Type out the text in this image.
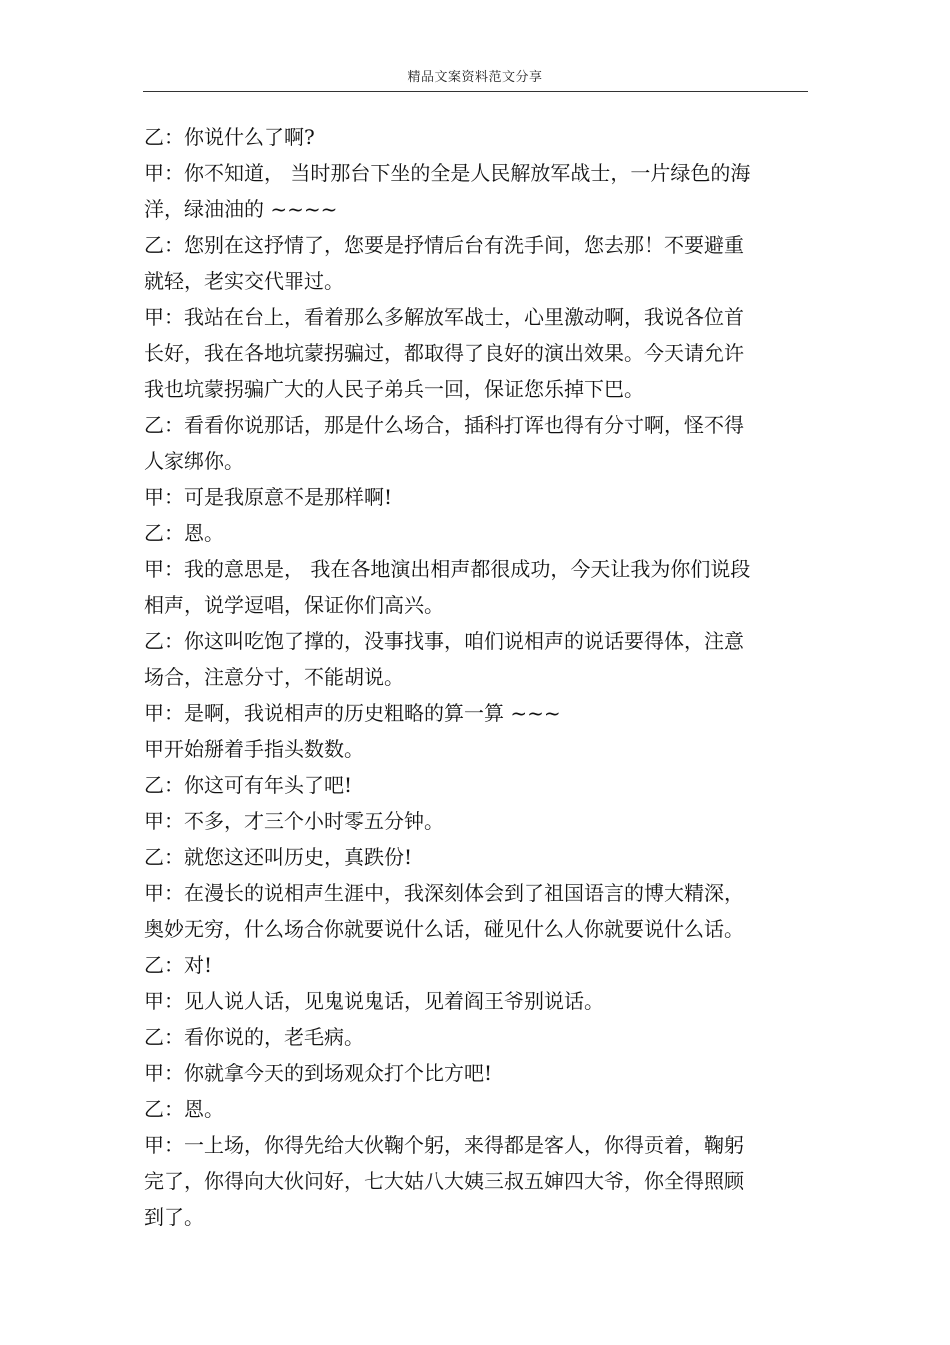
精品文案资料范文分享
乙：你说什么了啊?
甲：你不知道， 当时那台下坐的全是人民解放军战士，一片绿色的海
洋，绿油油的 ~~~~
乙：您别在这抒情了，您要是抒情后台有洗手间，您去那！不要避重
就轻，老实交代罪过。
甲：我站在台上，看着那么多解放军战士，心里激动啊，我说各位首
长好，我在各地坑蒙拐骗过，都取得了良好的演出效果。今天请允许
我也坑蒙拐骗广大的人民子弟兵一回，保证您乐掉下巴。
乙：看看你说那话，那是什么场合，插科打诨也得有分寸啊，怪不得
人家绑你。
甲：可是我原意不是那样啊!
乙：恩。
甲：我的意思是， 我在各地演出相声都很成功，今天让我为你们说段
相声，说学逗唱，保证你们高兴。
乙：你这叫吃饱了撑的，没事找事，咱们说相声的说话要得体，注意
场合，注意分寸，不能胡说。
甲：是啊，我说相声的历史粗略的算一算 ~~~
甲开始掰着手指头数数。
乙：你这可有年头了吧!
甲：不多，才三个小时零五分钟。
乙：就您这还叫历史，真跌份!
甲：在漫长的说相声生涯中，我深刻体会到了祖国语言的博大精深，
奥妙无穷，什么场合你就要说什么话，碰见什么人你就要说什么话。
乙：对!
甲：见人说人话，见鬼说鬼话，见着阎王爷别说话。
乙：看你说的，老毛病。
甲：你就拿今天的到场观众打个比方吧!
乙：恩。
甲：一上场，你得先给大伙鞠个躬，来得都是客人，你得贡着，鞠躬
完了，你得向大伙问好，七大姑八大姨三叔五婶四大爷，你全得照顾
到了。
